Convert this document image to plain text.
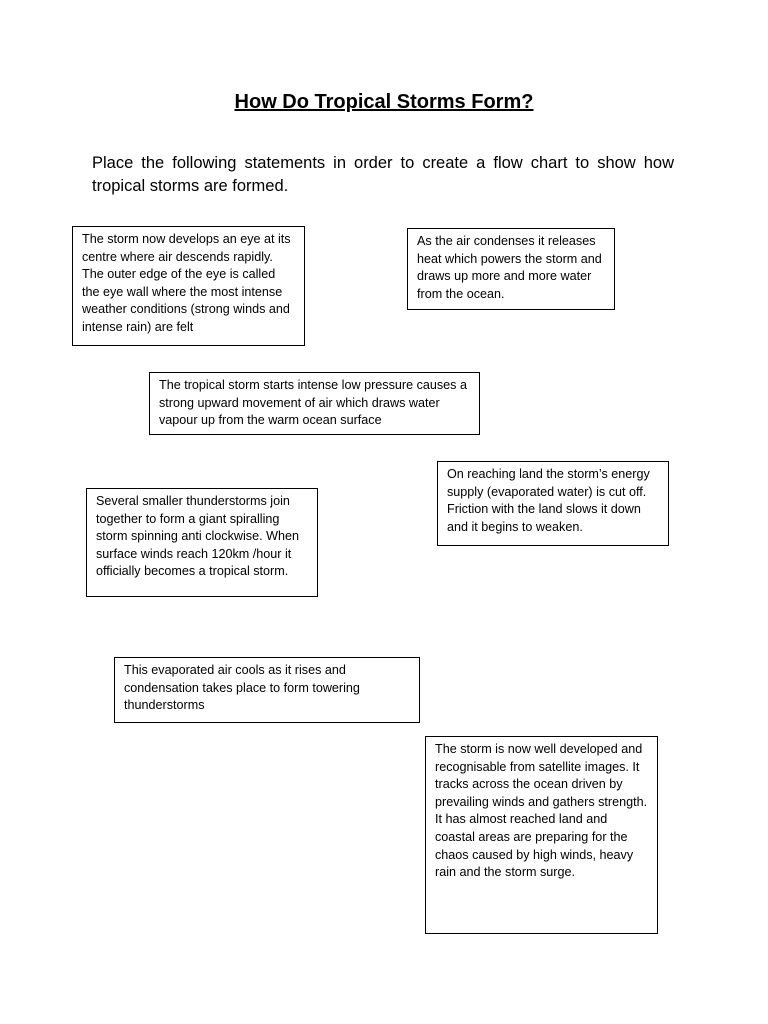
How Do Tropical Storms Form?
Place the following statements in order to create a flow chart to show how tropical storms are formed.
The storm now develops an eye at its centre where air descends rapidly. The outer edge of the eye is called the eye wall where the most intense weather conditions (strong winds and intense rain) are felt
As the air condenses it releases heat which powers the storm and draws up more and more water from the ocean.
The tropical storm starts intense low pressure causes a strong upward movement of air which draws water vapour up from the warm ocean surface
On reaching land the storm’s energy supply (evaporated water) is cut off. Friction with the land slows it down and it begins to weaken.
Several smaller thunderstorms join together to form a giant spiralling storm spinning anti clockwise. When surface winds reach 120km /hour it officially becomes a tropical storm.
This evaporated air cools as it rises and condensation takes place to form towering thunderstorms
The storm is now well developed and recognisable from satellite images. It tracks across the ocean driven by prevailing winds and gathers strength. It has almost reached land and coastal areas are preparing for the chaos caused by high winds, heavy rain and the storm surge.
